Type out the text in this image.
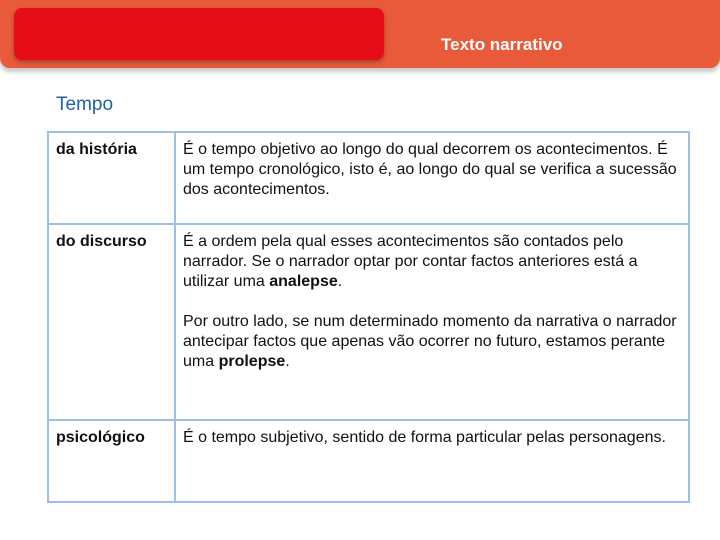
Texto narrativo
Tempo
da história	É o tempo objetivo ao longo do qual decorrem os acontecimentos. É um tempo cronológico, isto é, ao longo do qual se verifica a sucessão dos acontecimentos.

do discurso	É a ordem pela qual esses acontecimentos são contados pelo narrador. Se o narrador optar por contar factos anteriores está a utilizar uma analepse.

Por outro lado, se num determinado momento da narrativa o narrador antecipar factos que apenas vão ocorrer no futuro, estamos perante uma prolepse.

psicológico	É o tempo subjetivo, sentido de forma particular pelas personagens.
